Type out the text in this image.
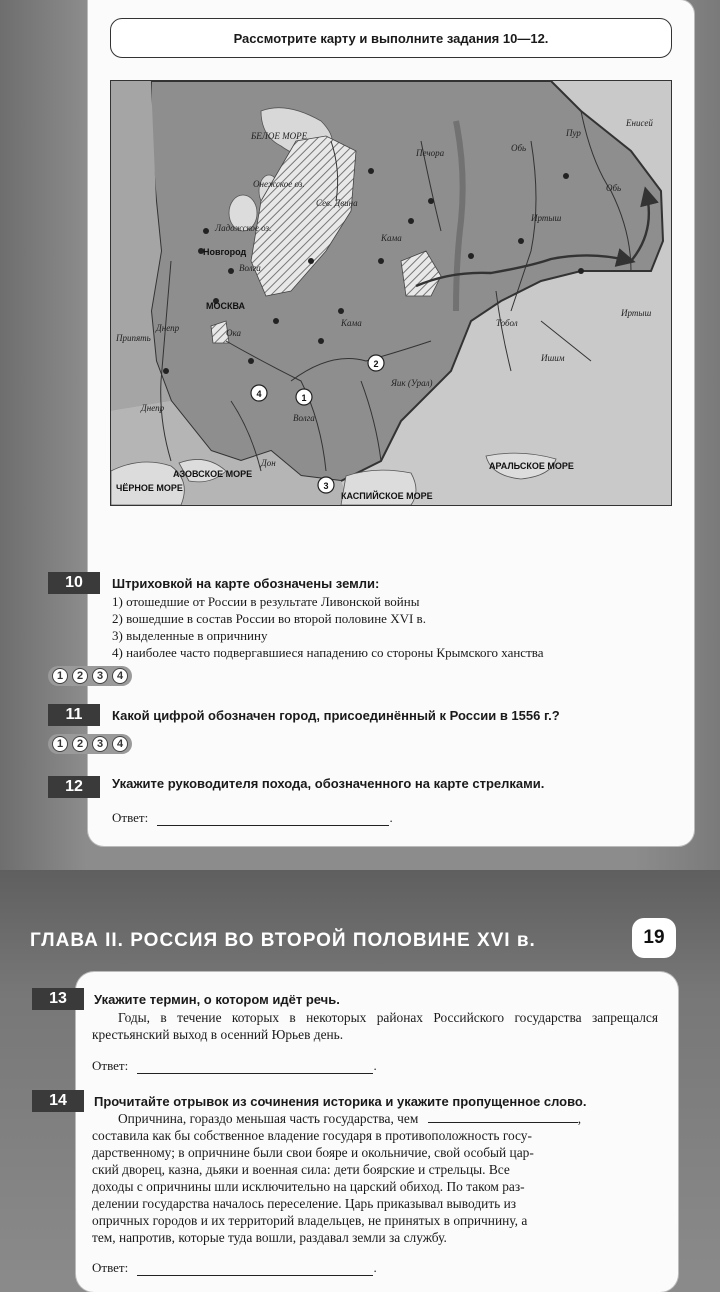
Рассмотрите карту и выполните задания 10—12.
1
2
3
4
БЕЛОЕ МОРЕ
Онежское оз.
Ладожское оз.
Новгород
МОСКВА
Сев. Двина
Печора	Обь
Обь
Енисей
Пур
Иртыш
Иртыш
Кама
Кама	Тобол
Ишим
Яик (Урал)
Припять
Днепр
Днепр
Ока
Волга
Волга
Дон
ЧЁРНОЕ МОРЕ
АЗОВСКОЕ МОРЕ
КАСПИЙСКОЕ МОРЕ
АРАЛЬСКОЕ МОРЕ
10 Штриховкой на карте обозначены земли:
1) отошедшие от России в результате Ливонской войны
2) вошедшие в состав России во второй половине XVI в.
3) выделенные в опричнину
4) наиболее часто подвергавшиеся нападению со стороны Крымского ханства
1	2	3	4
11 Какой цифрой обозначен город, присоединённый к России в 1556 г.?
1	2	3	4
12 Укажите руководителя похода, обозначенного на карте стрелками.
Ответ:	.
ГЛАВА II. РОССИЯ ВО ВТОРОЙ ПОЛОВИНЕ XVI в.	19
13 Укажите термин, о котором идёт речь.
Годы, в течение которых в некоторых районах Российского государства запрещался крестьянский выход в осенний Юрьев день.
Ответ:	.
14 Прочитайте отрывок из сочинения историка и укажите пропущенное слово.
Опричнина, гораздо меньшая часть государства, чем	,
составила как бы собственное владение государя в противоположность госу-
дарственному; в опричнине были свои бояре и окольничие, свой особый цар-
ский дворец, казна, дьяки и военная сила: дети боярские и стрельцы. Все
доходы с опричнины шли исключительно на царский обиход. По таком раз-
делении государства началось переселение. Царь приказывал выводить из
опричных городов и их территорий владельцев, не принятых в опричнину, а
тем, напротив, которые туда вошли, раздавал земли за службу.
Ответ:	.
